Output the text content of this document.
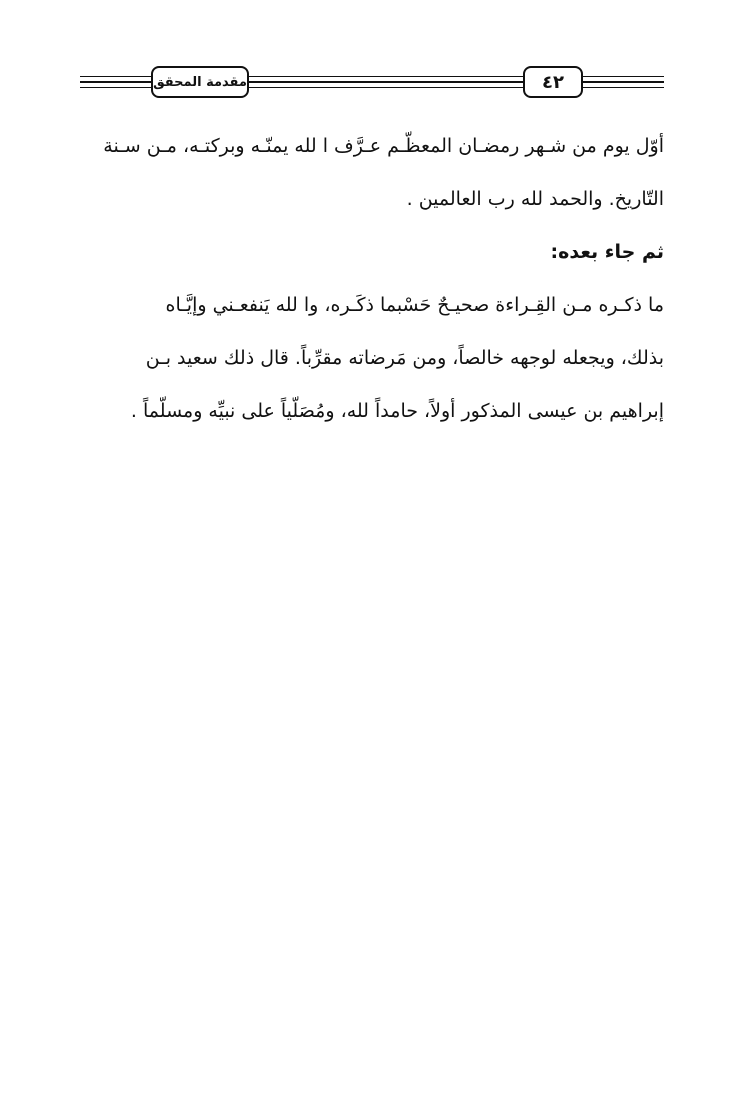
مقدمة المحقق	٤٢

أوّل يوم من شـهر رمضـان المعظّـم عـرَّف ا لله يمنّـه وبركتـه، مـن سـنة
التّاريخ. والحمد لله رب العالمين .

ثم جاء بعده:

ما ذكـره مـن القِـراءة صحيـحٌ حَسْبما ذكَـره، وا لله يَنفعـني وإيَّـاه
بذلك، ويجعله لوجهه خالصاً، ومن مَرضاته مقرِّباً. قال ذلك سعيد بـن
إبراهيم بن عيسى المذكور أولاً، حامداً لله، ومُصَلّياً على نبيِّه ومسلّماً .
